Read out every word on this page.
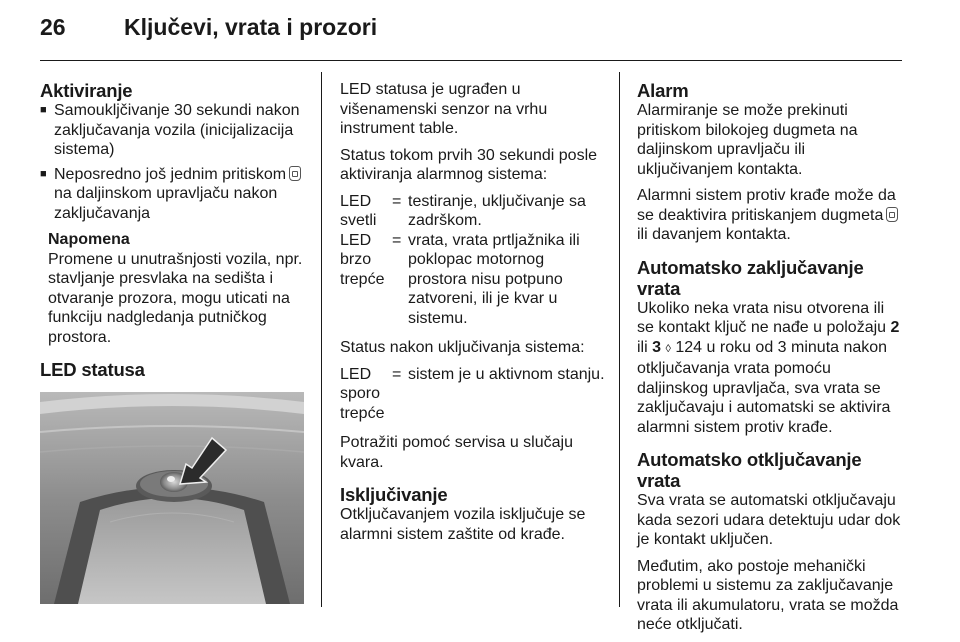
26	Ključevi, vrata i prozori
Aktiviranje
■ Samoukljčivanje 30 sekundi nakon zaključavanja vozila (inicijalizacija sistema)
■ Neposredno još jednim pritiskom na daljinskom upravljaču nakon zaključavanja
Napomena

Promene u unutrašnjosti vozila, npr. stavljanje presvlaka na sedišta i otvaranje prozora, mogu uticati na funkciju nadgledanja putničkog prostora.

LED statusa

LED statusa je ugrađen u višenamenski senzor na vrhu instrument table.

Status tokom prvih 30 sekundi posle aktiviranja alarmnog sistema:

LED svetli
= testiranje, uključivanje sa zadrškom.
LED brzo trepće
= vrata, vrata prtljažnika ili poklopac motornog prostora nisu potpuno zatvoreni, ili je kvar u sistemu.

Status nakon uključivanja sistema:

LED sporo trepće
= sistem je u aktivnom stanju.

Potražiti pomoć servisa u slučaju kvara.

Isključivanje

Otključavanjem vozila isključuje se alarmni sistem zaštite od krađe.

Alarm

Alarmiranje se može prekinuti pritiskom bilokojeg dugmeta na daljinskom upravljaču ili uključivanjem kontakta.

Alarmni sistem protiv krađe može da se deaktivira pritiskanjem dugmeta ili davanjem kontakta.

Automatsko zaključavanje vrata

Ukoliko neka vrata nisu otvorena ili se kontakt ključ ne nađe u položaju 2 ili 3 ◊ 124 u roku od 3 minuta nakon otključavanja vrata pomoću daljinskog upravljača, sva vrata se zaključavaju i automatski se aktivira alarmni sistem protiv krađe.

Automatsko otključavanje vrata

Sva vrata se automatski otključavaju kada sezori udara detektuju udar dok je kontakt uključen.

Međutim, ako postoje mehanički problemi u sistemu za zaključavanje vrata ili akumulatoru, vrata se možda neće otključati.
